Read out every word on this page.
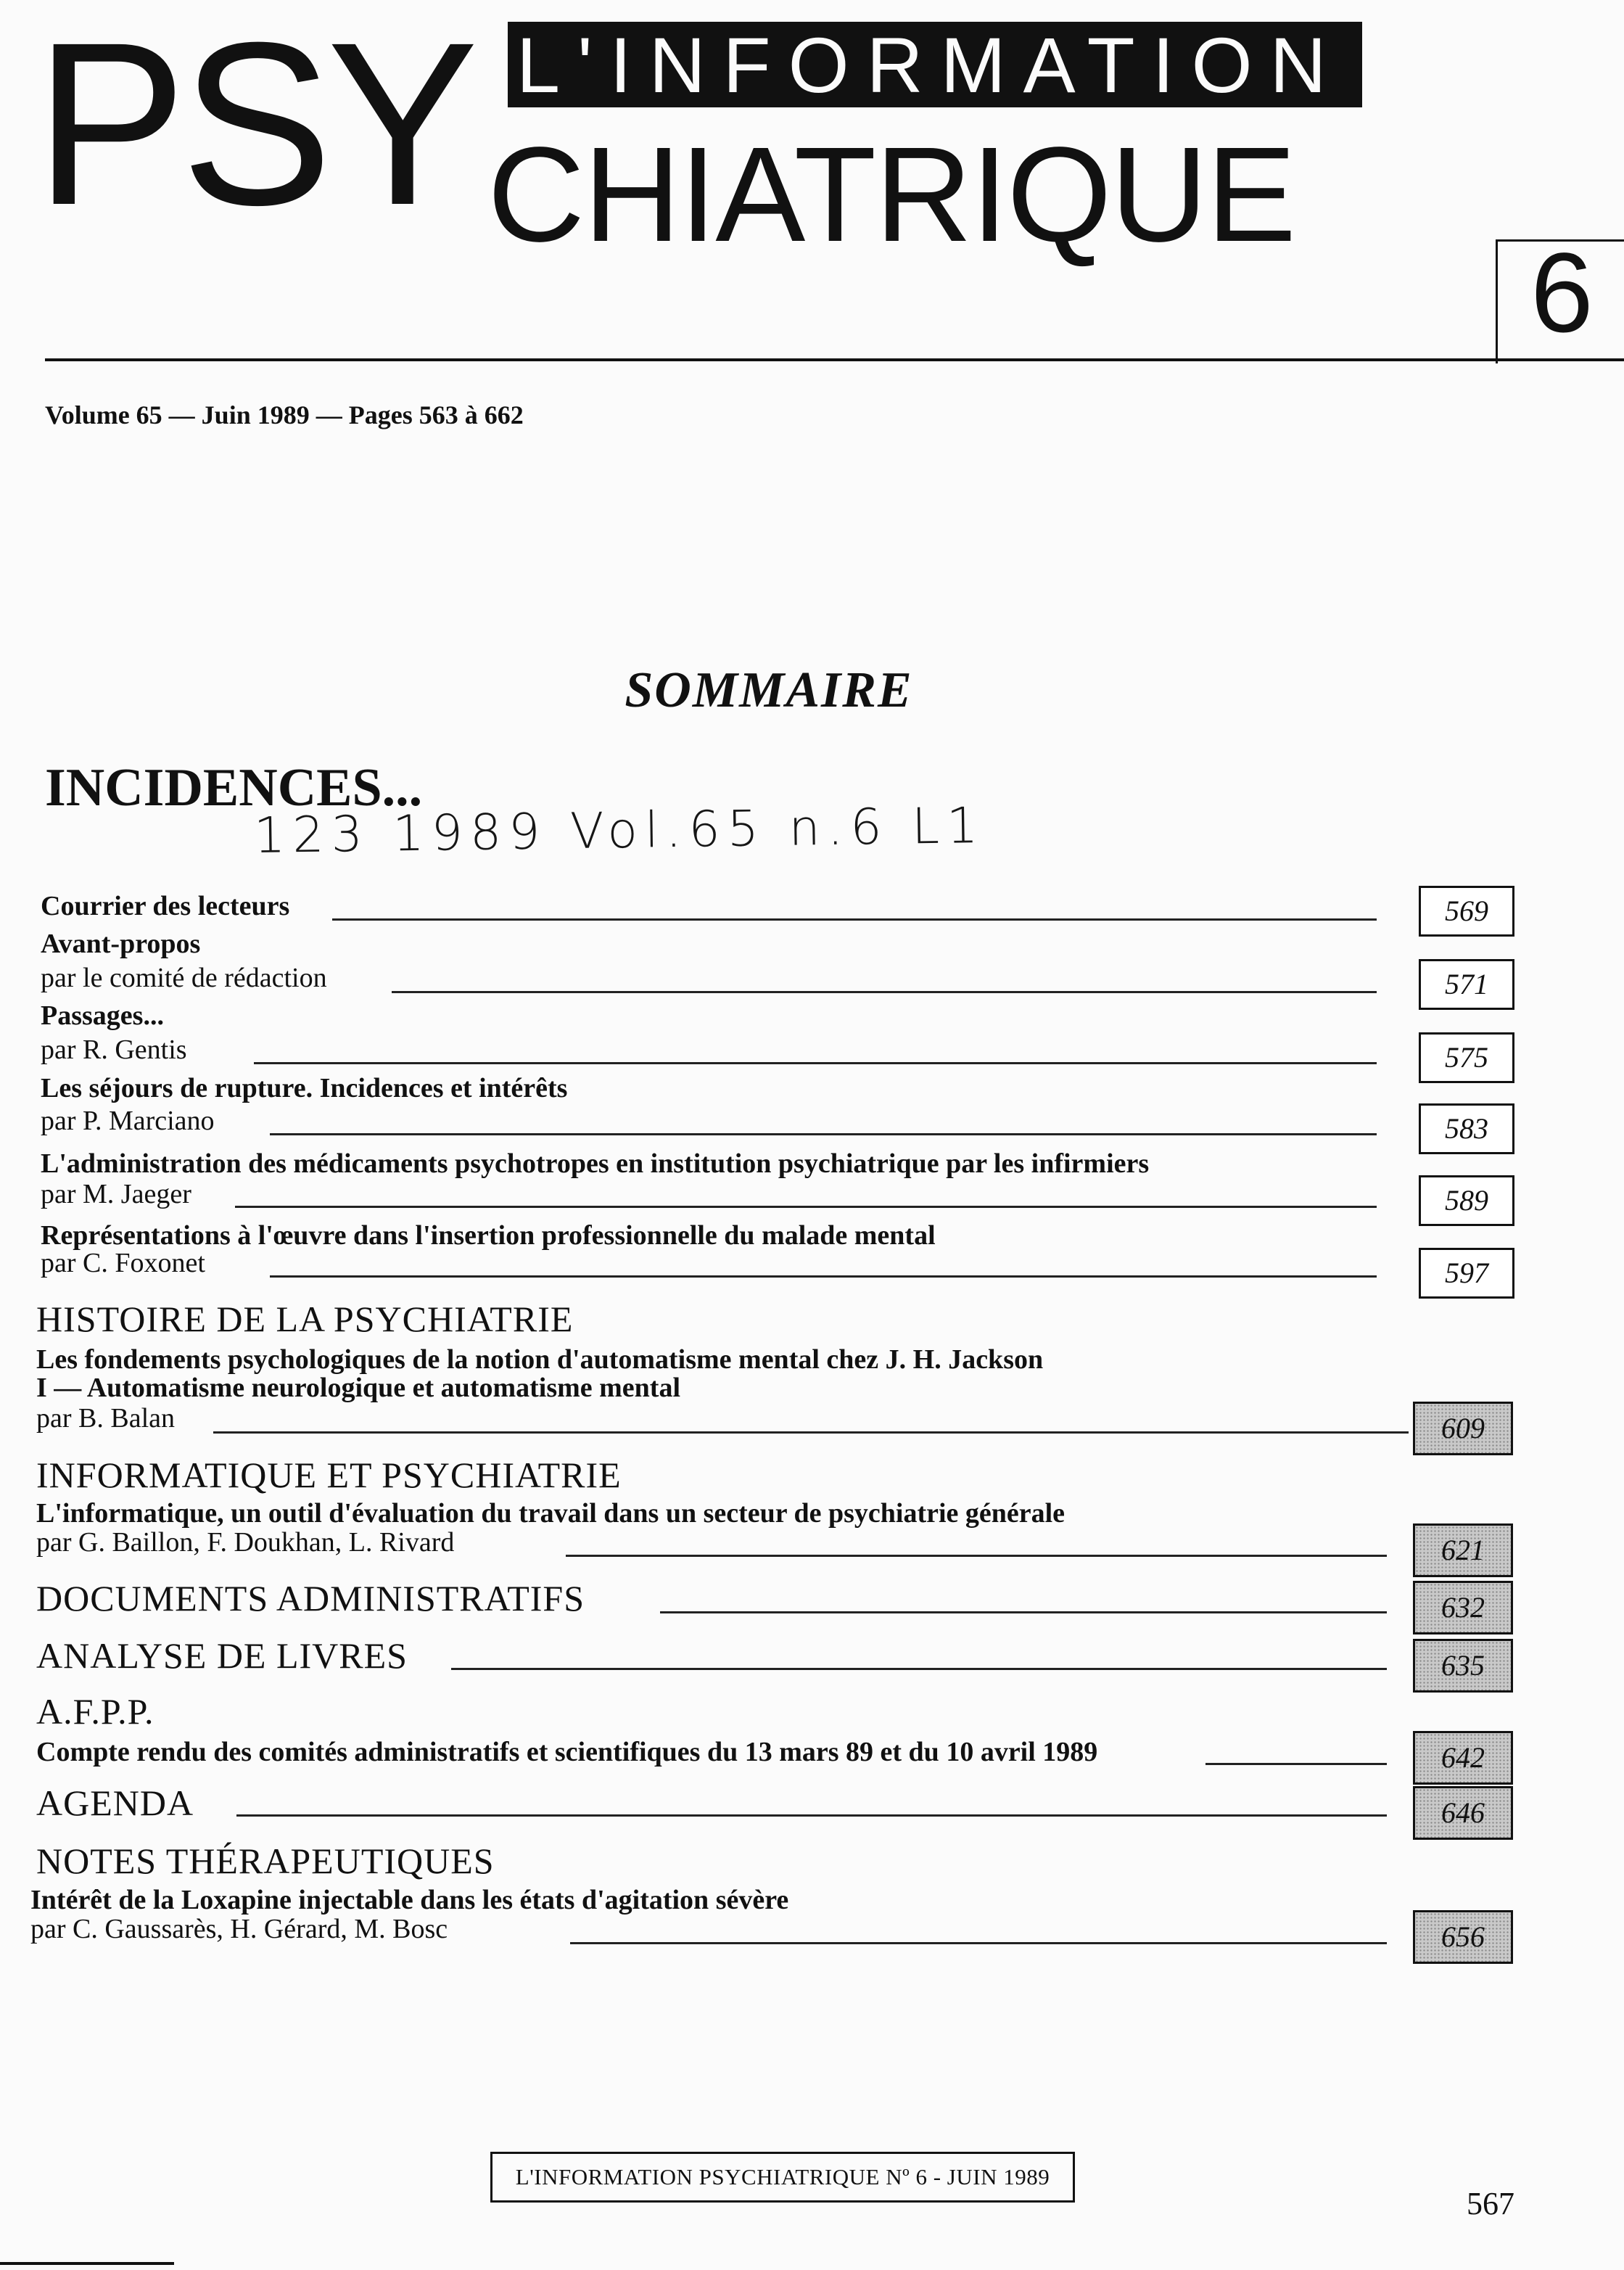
PSY L'INFORMATION
CHIATRIQUE
6
Volume 65 — Juin 1989 — Pages 563 à 662
SOMMAIRE
INCIDENCES...
123 1989 Vol.65 n.6 L1
Courrier des lecteurs	569
Avant-propos
par le comité de rédaction	571
Passages...
par R. Gentis	575
Les séjours de rupture. Incidences et intérêts
par P. Marciano	583
L'administration des médicaments psychotropes en institution psychiatrique par les infirmiers
par M. Jaeger	589
Représentations à l'œuvre dans l'insertion professionnelle du malade mental
par C. Foxonet	597
HISTOIRE DE LA PSYCHIATRIE
Les fondements psychologiques de la notion d'automatisme mental chez J. H. Jackson
I — Automatisme neurologique et automatisme mental
par B. Balan	609
INFORMATIQUE ET PSYCHIATRIE
L'informatique, un outil d'évaluation du travail dans un secteur de psychiatrie générale
par G. Baillon, F. Doukhan, L. Rivard	621
DOCUMENTS ADMINISTRATIFS	632
ANALYSE DE LIVRES	635
A.F.P.P.
Compte rendu des comités administratifs et scientifiques du 13 mars 89 et du 10 avril 1989	642
AGENDA	646
NOTES THÉRAPEUTIQUES
Intérêt de la Loxapine injectable dans les états d'agitation sévère
par C. Gaussarès, H. Gérard, M. Bosc	656
L'INFORMATION PSYCHIATRIQUE Nº 6 - JUIN 1989
567
